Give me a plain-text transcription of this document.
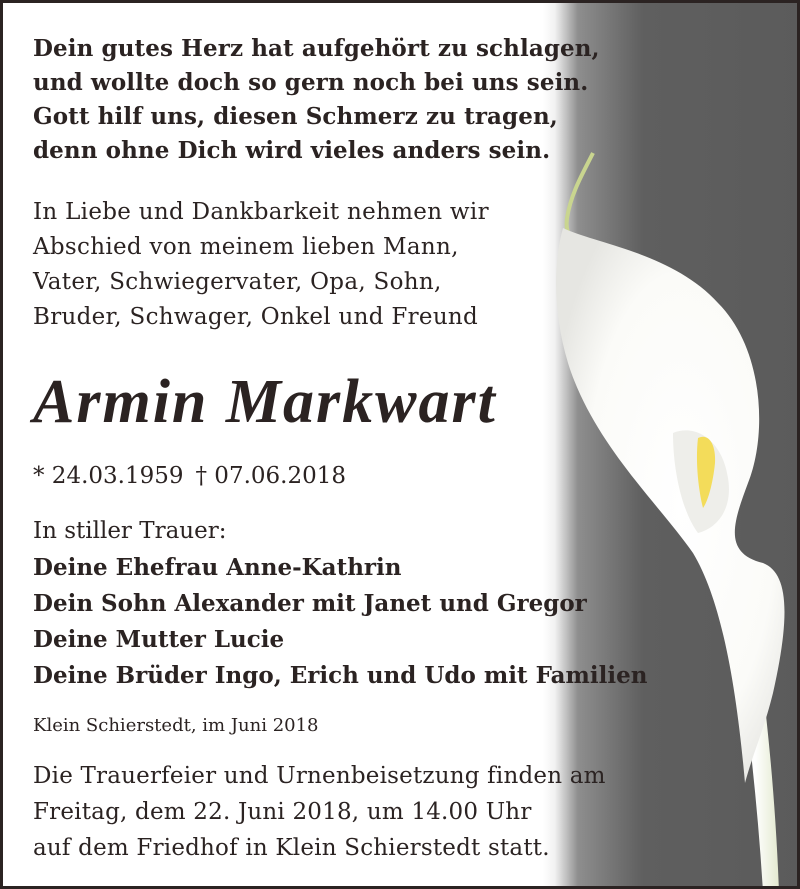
Dein gutes Herz hat aufgehört zu schlagen,
und wollte doch so gern noch bei uns sein.
Gott hilf uns, diesen Schmerz zu tragen,
denn ohne Dich wird vieles anders sein.
In Liebe und Dankbarkeit nehmen wir
Abschied von meinem lieben Mann,
Vater, Schwiegervater, Opa, Sohn,
Bruder, Schwager, Onkel und Freund
Armin Markwart
* 24.03.1959 † 07.06.2018
In stiller Trauer:
Deine Ehefrau Anne-Kathrin
Dein Sohn Alexander mit Janet und Gregor
Deine Mutter Lucie
Deine Brüder Ingo, Erich und Udo mit Familien
Klein Schierstedt, im Juni 2018
Die Trauerfeier und Urnenbeisetzung finden am
Freitag, dem 22. Juni 2018, um 14.00 Uhr
auf dem Friedhof in Klein Schierstedt statt.
